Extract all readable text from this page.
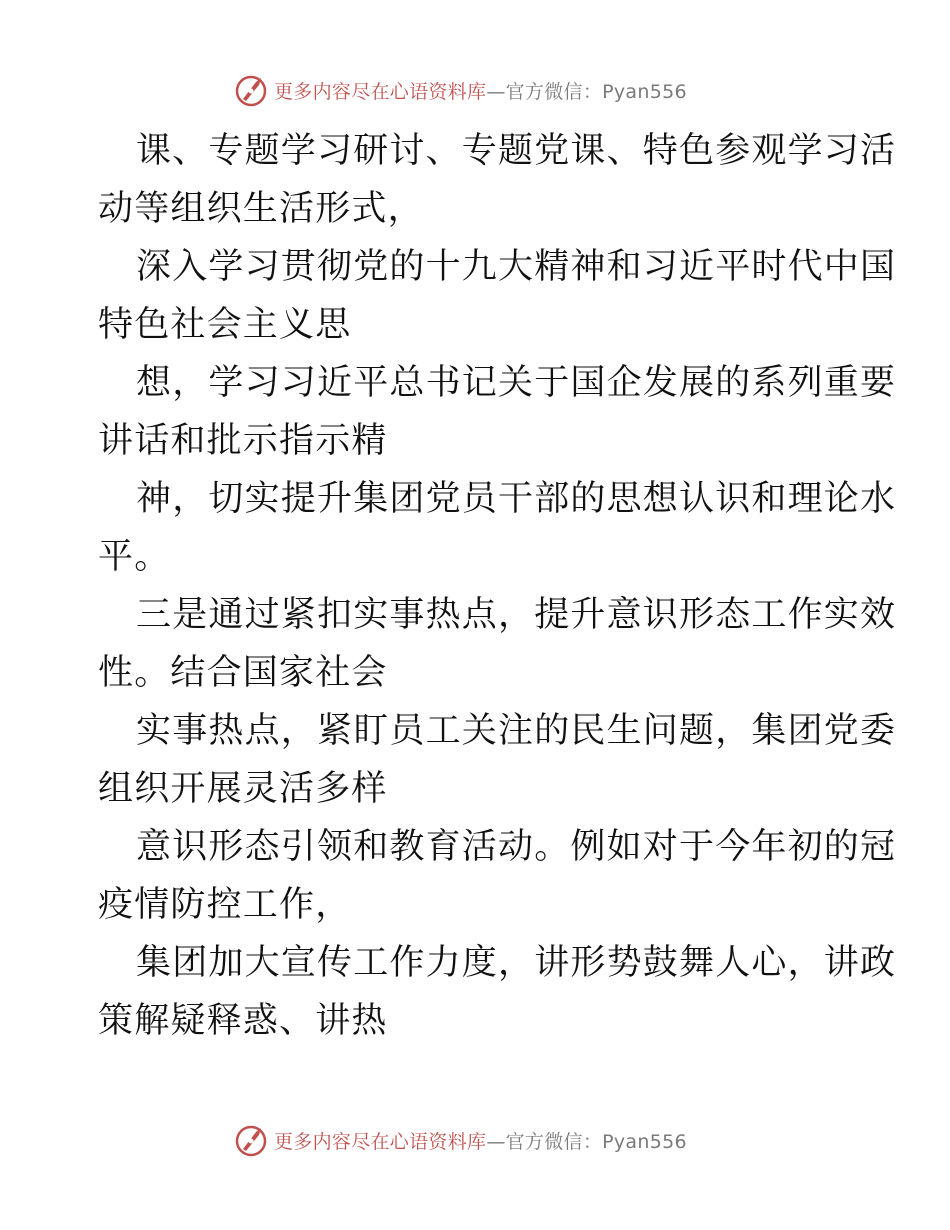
更多内容尽在心语资料库—官方微信：Pyan556
课、专题学习研讨、专题党课、特色参观学习活
动等组织生活形式，
深入学习贯彻党的十九大精神和习近平时代中国
特色社会主义思
想，学习习近平总书记关于国企发展的系列重要
讲话和批示指示精
神，切实提升集团党员干部的思想认识和理论水
平。
三是通过紧扣实事热点，提升意识形态工作实效
性。结合国家社会
实事热点，紧盯员工关注的民生问题，集团党委
组织开展灵活多样
意识形态引领和教育活动。例如对于今年初的冠
疫情防控工作，
集团加大宣传工作力度，讲形势鼓舞人心，讲政
策解疑释惑、讲热
更多内容尽在心语资料库—官方微信：Pyan556
